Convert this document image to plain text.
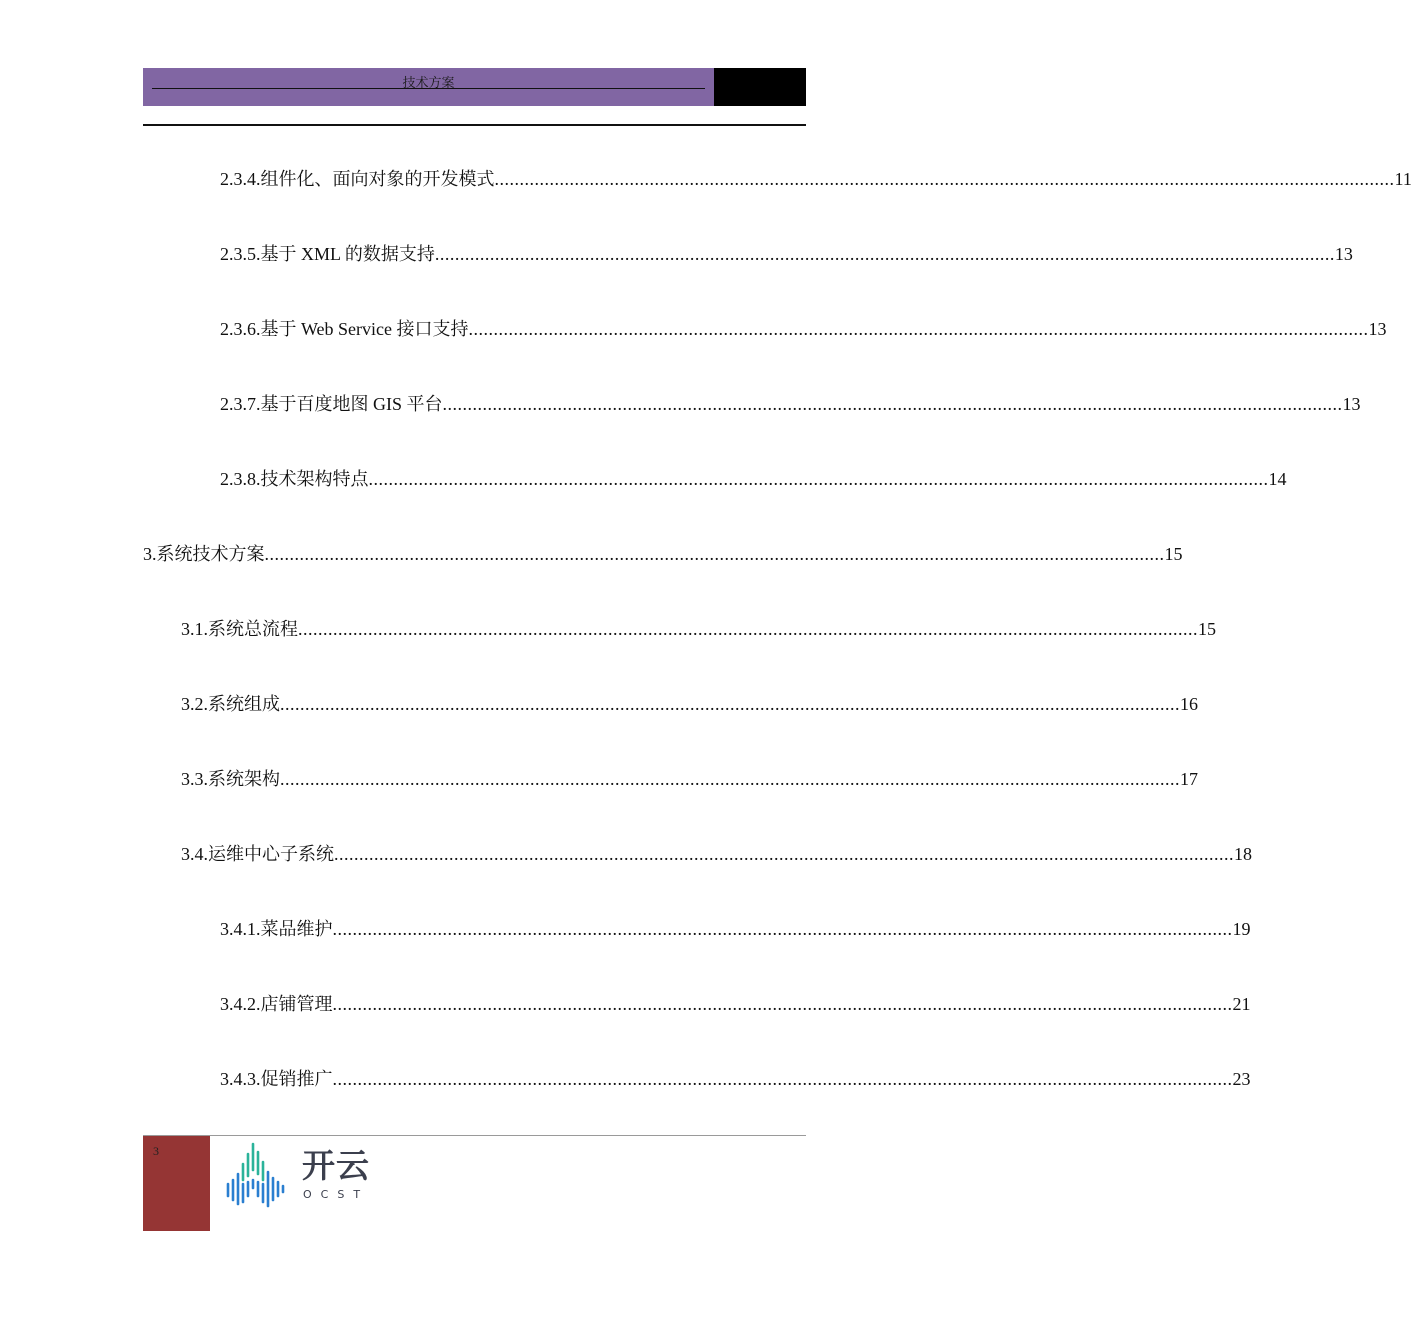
技术方案
2.3.4. 组件化、面向对象的开发模式 .................................................................................................................................................................................... 11
2.3.5. 基于 XML 的数据支持 .................................................................................................................................................................................... 13
2.3.6. 基于 Web Service 接口支持 .................................................................................................................................................................................... 13
2.3.7. 基于百度地图 GIS 平台 .................................................................................................................................................................................... 13
2.3.8. 技术架构特点 .................................................................................................................................................................................... 14
3. 系统技术方案 .................................................................................................................................................................................... 15
3.1. 系统总流程 .................................................................................................................................................................................... 15
3.2. 系统组成 .................................................................................................................................................................................... 16
3.3. 系统架构 .................................................................................................................................................................................... 17
3.4. 运维中心子系统 .................................................................................................................................................................................... 18
3.4.1. 菜品维护 .................................................................................................................................................................................... 19
3.4.2. 店铺管理 .................................................................................................................................................................................... 21
3.4.3. 促销推广 .................................................................................................................................................................................... 23
3	开云
OCST
